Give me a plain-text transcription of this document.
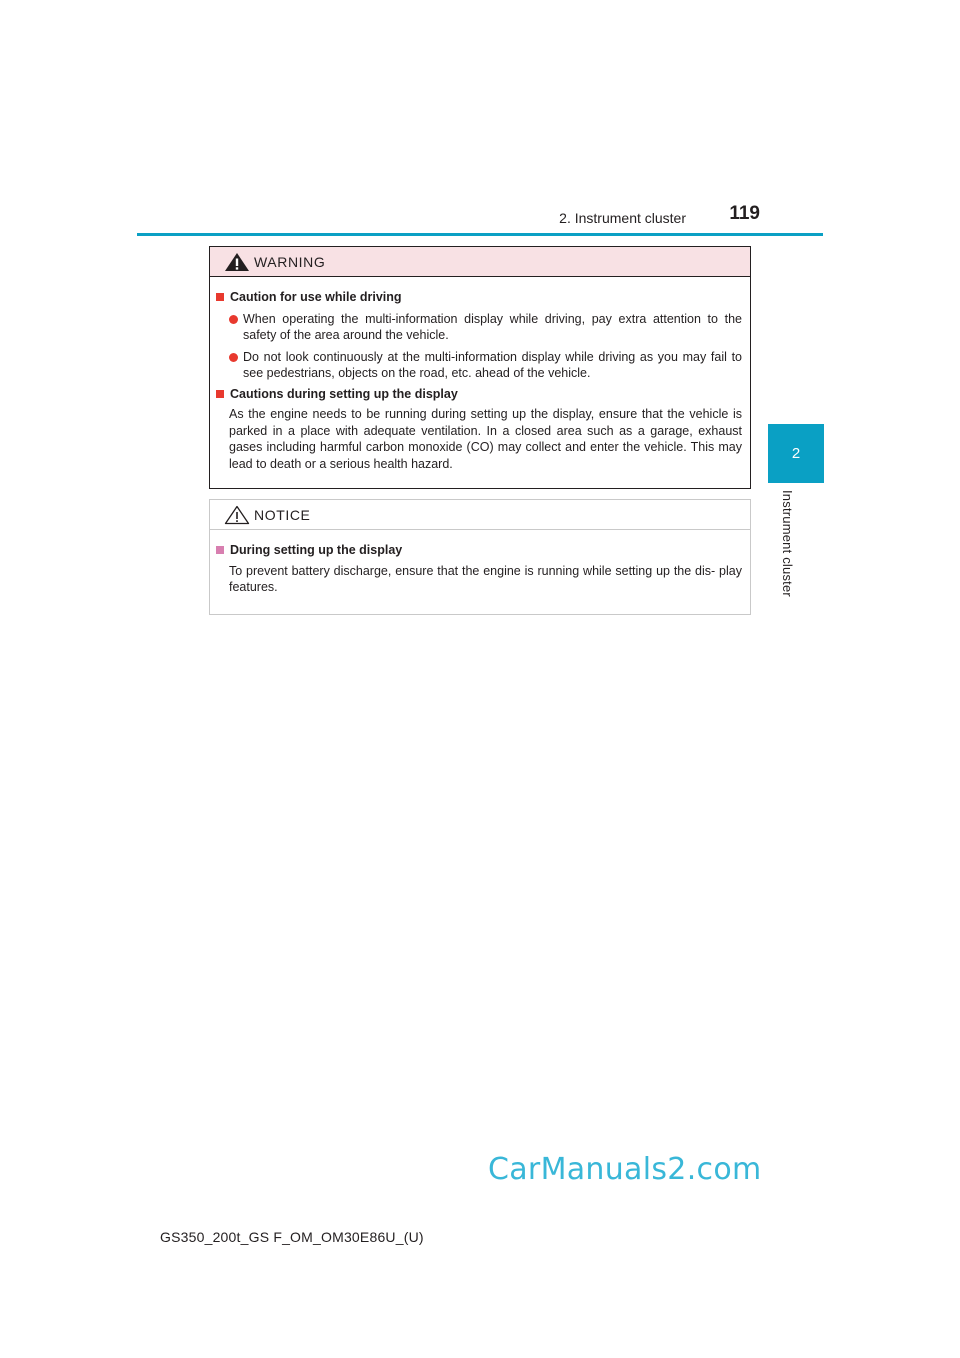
2. Instrument cluster	119
2
Instrument cluster
WARNING
Caution for use while driving
When operating the multi-information display while driving, pay extra attention to the safety of the area around the vehicle.
Do not look continuously at the multi-information display while driving as you may fail to see pedestrians, objects on the road, etc. ahead of the vehicle.
Cautions during setting up the display
As the engine needs to be running during setting up the display, ensure that the vehicle is parked in a place with adequate ventilation. In a closed area such as a garage, exhaust gases including harmful carbon monoxide (CO) may collect and enter the vehicle. This may lead to death or a serious health hazard.
NOTICE
During setting up the display
To prevent battery discharge, ensure that the engine is running while setting up the dis- play features.
CarManuals2.com
GS350_200t_GS F_OM_OM30E86U_(U)
